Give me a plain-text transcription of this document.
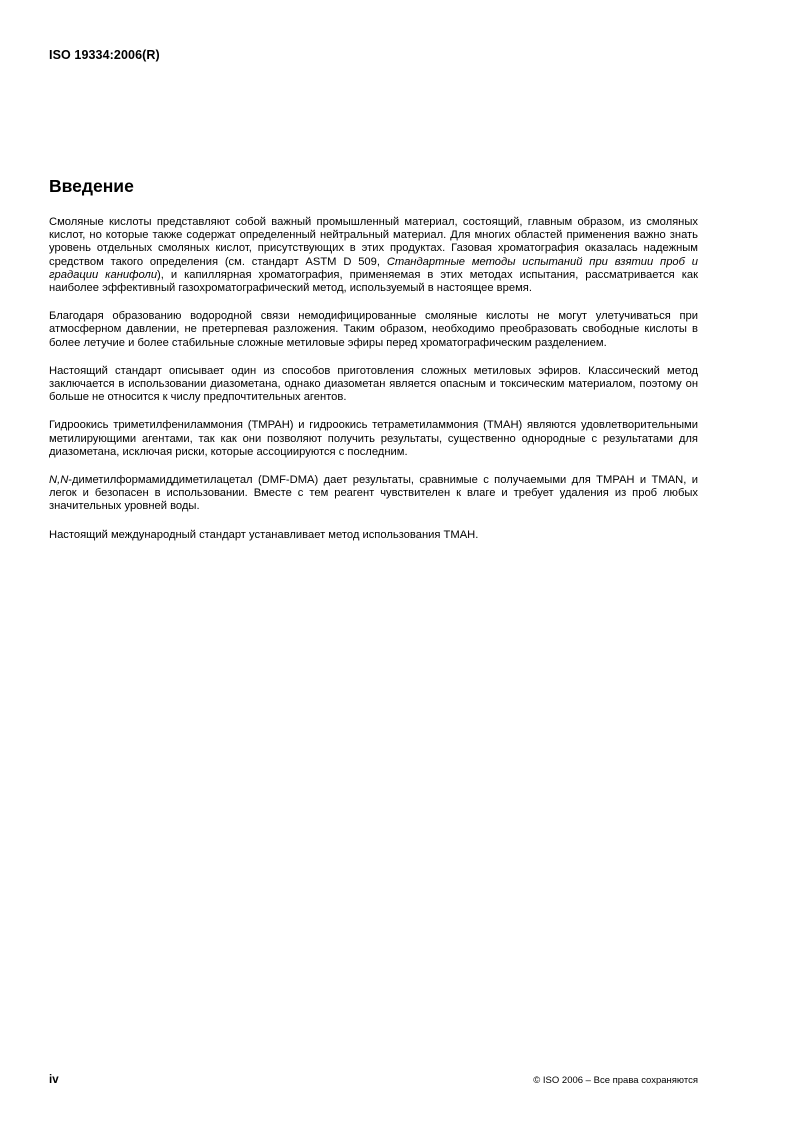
ISO 19334:2006(R)
Введение

Смоляные кислоты представляют собой важный промышленный материал, состоящий, главным образом, из смоляных кислот, но которые также содержат определенный нейтральный материал. Для многих областей применения важно знать уровень отдельных смоляных кислот, присутствующих в этих продуктах. Газовая хроматография оказалась надежным средством такого определения (см. стандарт ASTM D 509, Стандартные методы испытаний при взятии проб и градации канифоли), и капиллярная хроматография, применяемая в этих методах испытания, рассматривается как наиболее эффективный газохроматографический метод, используемый в настоящее время.

Благодаря образованию водородной связи немодифицированные смоляные кислоты не могут улетучиваться при атмосферном давлении, не претерпевая разложения. Таким образом, необходимо преобразовать свободные кислоты в более летучие и более стабильные сложные метиловые эфиры перед хроматографическим разделением.

Настоящий стандарт описывает один из способов приготовления сложных метиловых эфиров. Классический метод заключается в использовании диазометана, однако диазометан является опасным и токсическим материалом, поэтому он больше не относится к числу предпочтительных агентов.

Гидроокись триметилфениламмония (TMPAH) и гидроокись тетраметиламмония (TMAH) являются удовлетворительными метилирующими агентами, так как они позволяют получить результаты, существенно однородные с результатами для диазометана, исключая риски, которые ассоциируются с последним.

N,N-диметилформамиддиметилацетал (DMF-DMA) дает результаты, сравнимые с получаемыми для TMPAH и TMAN, и легок и безопасен в использовании. Вместе с тем реагент чувствителен к влаге и требует удаления из проб любых значительных уровней воды.

Настоящий международный стандарт устанавливает метод использования TMAH.

iv	© ISO 2006 – Все права сохраняются
